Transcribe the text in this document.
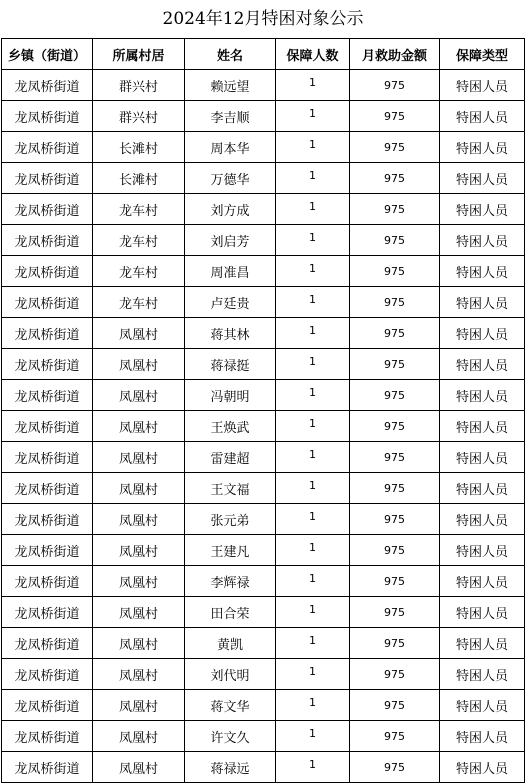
2024年12月特困对象公示
乡镇（街道）	所属村居	姓名	保障人数	月救助金额	保障类型
龙凤桥街道	群兴村	赖远望	1	975	特困人员
龙凤桥街道	群兴村	李吉顺	1	975	特困人员
龙凤桥街道	长滩村	周本华	1	975	特困人员
龙凤桥街道	长滩村	万德华	1	975	特困人员
龙凤桥街道	龙车村	刘方成	1	975	特困人员
龙凤桥街道	龙车村	刘启芳	1	975	特困人员
龙凤桥街道	龙车村	周准昌	1	975	特困人员
龙凤桥街道	龙车村	卢廷贵	1	975	特困人员
龙凤桥街道	凤凰村	蒋其林	1	975	特困人员
龙凤桥街道	凤凰村	蒋禄挺	1	975	特困人员
龙凤桥街道	凤凰村	冯朝明	1	975	特困人员
龙凤桥街道	凤凰村	王焕武	1	975	特困人员
龙凤桥街道	凤凰村	雷建超	1	975	特困人员
龙凤桥街道	凤凰村	王文福	1	975	特困人员
龙凤桥街道	凤凰村	张元弟	1	975	特困人员
龙凤桥街道	凤凰村	王建凡	1	975	特困人员
龙凤桥街道	凤凰村	李辉禄	1	975	特困人员
龙凤桥街道	凤凰村	田合荣	1	975	特困人员
龙凤桥街道	凤凰村	黄凯	1	975	特困人员
龙凤桥街道	凤凰村	刘代明	1	975	特困人员
龙凤桥街道	凤凰村	蒋文华	1	975	特困人员
龙凤桥街道	凤凰村	许文久	1	975	特困人员
龙凤桥街道	凤凰村	蒋禄远	1	975	特困人员
